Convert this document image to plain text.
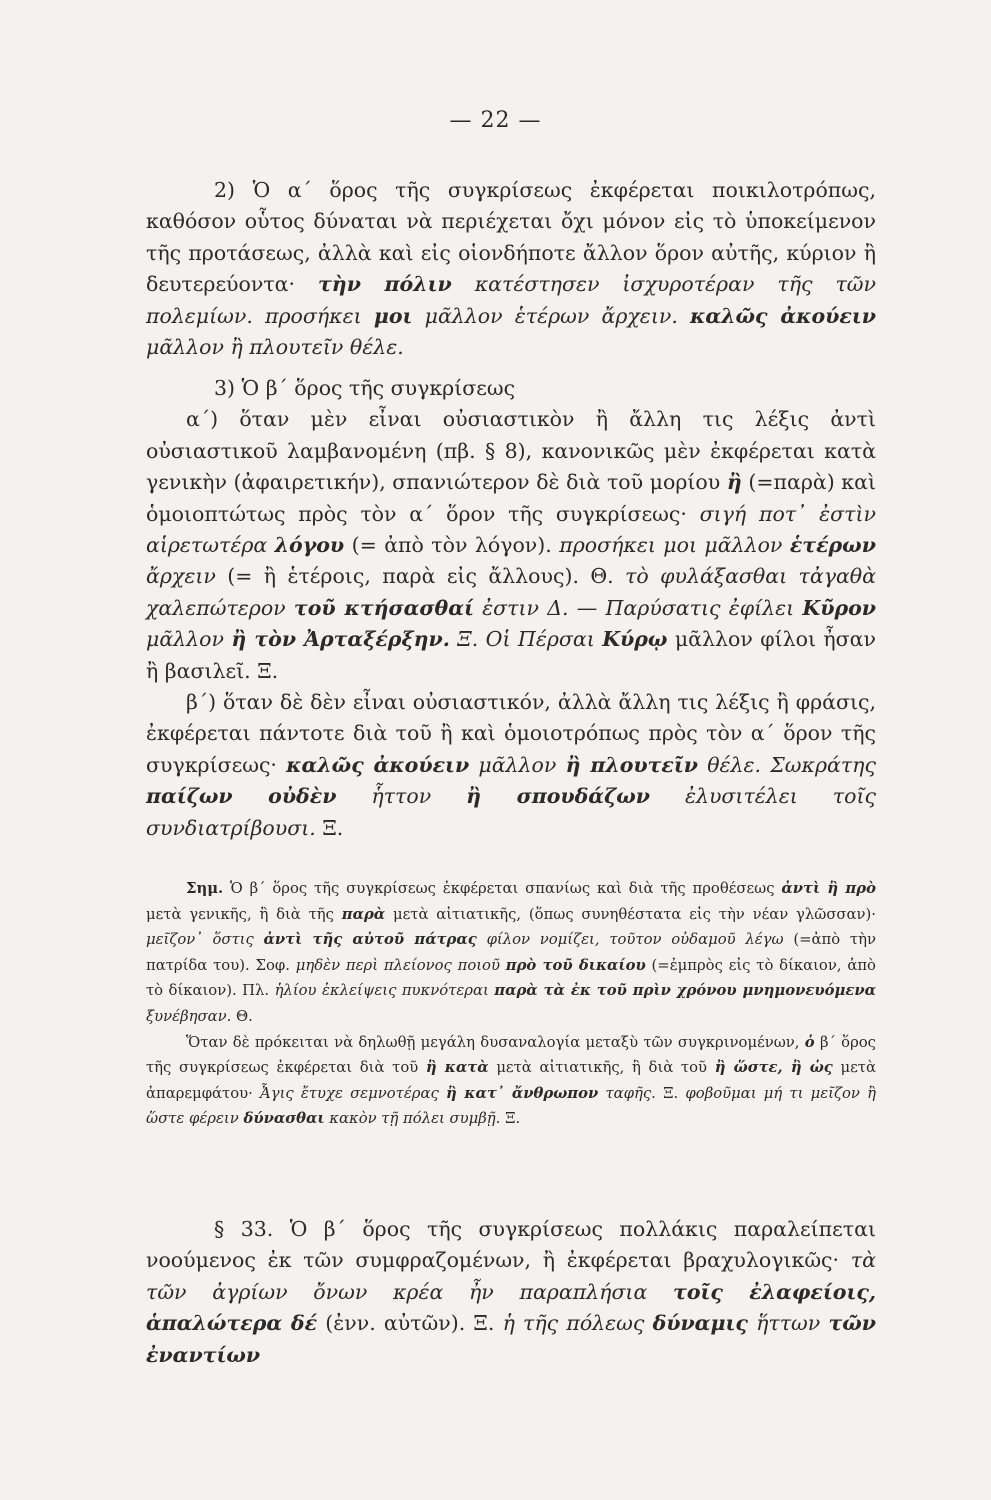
— 22 —

2) Ὁ α΄ ὅρος τῆς συγκρίσεως ἐκφέρεται ποικιλοτρόπως, καθόσον οὗτος δύναται νὰ περιέχεται ὄχι μόνον εἰς τὸ ὑποκείμενον τῆς προτάσεως, ἀλλὰ καὶ εἰς οἱονδήποτε ἄλλον ὅρον αὐτῆς, κύριον ἢ δευτερεύοντα· τὴν πόλιν κατέστησεν ἰσχυροτέραν τῆς τῶν πολεμίων. προσήκει μοι μᾶλλον ἑτέρων ἄρχειν. καλῶς ἀκούειν μᾶλλον ἢ πλουτεῖν θέλε.

3) Ὁ β΄ ὅρος τῆς συγκρίσεως

α΄) ὅταν μὲν εἶναι οὐσιαστικὸν ἢ ἄλλη τις λέξις ἀντὶ οὐσιαστικοῦ λαμβανομένη (πβ. § 8), κανονικῶς μὲν ἐκφέρεται κατὰ γενικὴν (ἀφαιρετικήν), σπανιώτερον δὲ διὰ τοῦ μορίου ἢ (=παρὰ) καὶ ὁμοιοπτώτως πρὸς τὸν α΄ ὅρον τῆς συγκρίσεως· σιγή ποτ᾽ ἐστὶν αἱρετωτέρα λόγου (= ἀπὸ τὸν λόγον). προσήκει μοι μᾶλλον ἑτέρων ἄρχειν (= ἢ ἑτέροις, παρὰ εἰς ἄλλους). Θ. τὸ φυλάξασθαι τἀγαθὰ χαλεπώτερον τοῦ κτήσασθαί ἐστιν Δ. — Παρύσατις ἐφίλει Κῦρον μᾶλλον ἢ τὸν Ἀρταξέρξην. Ξ. Οἱ Πέρσαι Κύρῳ μᾶλλον φίλοι ἦσαν ἢ βασιλεῖ. Ξ.

β΄) ὅταν δὲ δὲν εἶναι οὐσιαστικόν, ἀλλὰ ἄλλη τις λέξις ἢ φράσις, ἐκφέρεται πάντοτε διὰ τοῦ ἢ καὶ ὁμοιοτρόπως πρὸς τὸν α΄ ὅρον τῆς συγκρίσεως· καλῶς ἀκούειν μᾶλλον ἢ πλουτεῖν θέλε. Σωκράτης παίζων οὐδὲν ἧττον ἢ σπουδάζων ἐλυσιτέλει τοῖς συνδιατρίβουσι. Ξ.

Σημ. Ὁ β΄ ὅρος τῆς συγκρίσεως ἐκφέρεται σπανίως καὶ διὰ τῆς προθέσεως ἀντὶ ἢ πρὸ μετὰ γενικῆς, ἢ διὰ τῆς παρὰ μετὰ αἰτιατικῆς, (ὅπως συνηθέστατα εἰς τὴν νέαν γλῶσσαν)· μεῖζον᾽ ὅστις ἀντὶ τῆς αὐτοῦ πάτρας φίλον νομίζει, τοῦτον οὐδαμοῦ λέγω (=ἀπὸ τὴν πατρίδα του). Σοφ. μηδὲν περὶ πλείονος ποιοῦ πρὸ τοῦ δικαίου (=ἐμπρὸς εἰς τὸ δίκαιον, ἀπὸ τὸ δίκαιον). Πλ. ἡλίου ἐκλείψεις πυκνότεραι παρὰ τὰ ἐκ τοῦ πρὶν χρόνου μνημονευόμενα ξυνέβησαν. Θ.

Ὅταν δὲ πρόκειται νὰ δηλωθῇ μεγάλη δυσαναλογία μεταξὺ τῶν συγκρινομένων, ὁ β΄ ὅρος τῆς συγκρίσεως ἐκφέρεται διὰ τοῦ ἢ κατὰ μετὰ αἰτιατικῆς, ἢ διὰ τοῦ ἢ ὥστε, ἢ ὡς μετὰ ἀπαρεμφάτου· Ἆγις ἔτυχε σεμνοτέρας ἢ κατ᾽ ἄνθρωπον ταφῆς. Ξ. φοβοῦμαι μή τι μεῖζον ἢ ὥστε φέρειν δύνασθαι κακὸν τῇ πόλει συμβῇ. Ξ.

§ 33. Ὁ β΄ ὅρος τῆς συγκρίσεως πολλάκις παραλείπεται νοούμενος ἐκ τῶν συμφραζομένων, ἢ ἐκφέρεται βραχυλογικῶς· τὰ τῶν ἀγρίων ὄνων κρέα ἦν παραπλήσια τοῖς ἐλαφείοις, ἁπαλώτερα δέ (ἐνν. αὐτῶν). Ξ. ἡ τῆς πόλεως δύναμις ἥττων τῶν ἐναντίων
